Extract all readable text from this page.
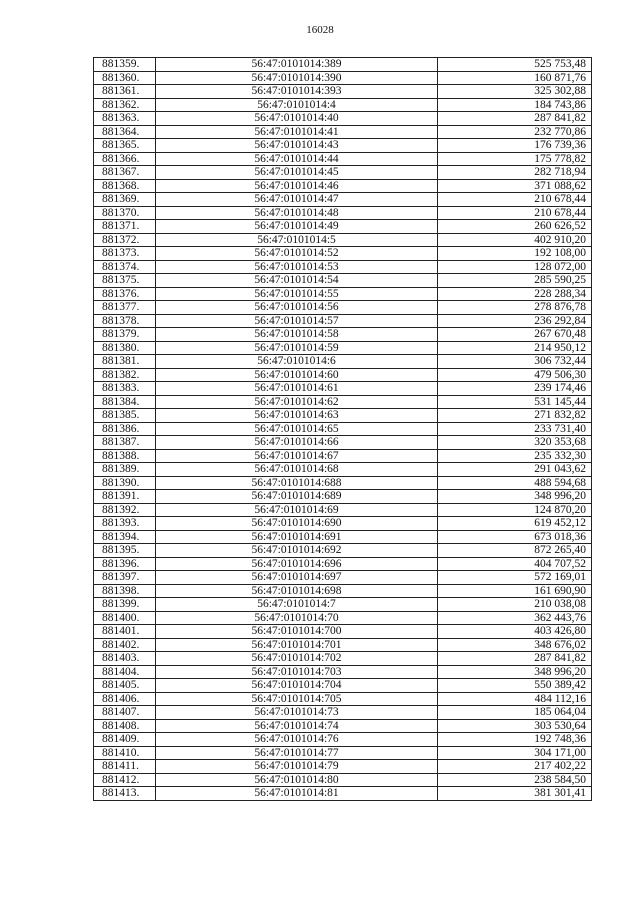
16028
881359.	56:47:0101014:389	525 753,48
881360.	56:47:0101014:390	160 871,76
881361.	56:47:0101014:393	325 302,88
881362.	56:47:0101014:4	184 743,86
881363.	56:47:0101014:40	287 841,82
881364.	56:47:0101014:41	232 770,86
881365.	56:47:0101014:43	176 739,36
881366.	56:47:0101014:44	175 778,82
881367.	56:47:0101014:45	282 718,94
881368.	56:47:0101014:46	371 088,62
881369.	56:47:0101014:47	210 678,44
881370.	56:47:0101014:48	210 678,44
881371.	56:47:0101014:49	260 626,52
881372.	56:47:0101014:5	402 910,20
881373.	56:47:0101014:52	192 108,00
881374.	56:47:0101014:53	128 072,00
881375.	56:47:0101014:54	285 590,25
881376.	56:47:0101014:55	228 288,34
881377.	56:47:0101014:56	278 876,78
881378.	56:47:0101014:57	236 292,84
881379.	56:47:0101014:58	267 670,48
881380.	56:47:0101014:59	214 950,12
881381.	56:47:0101014:6	306 732,44
881382.	56:47:0101014:60	479 506,30
881383.	56:47:0101014:61	239 174,46
881384.	56:47:0101014:62	531 145,44
881385.	56:47:0101014:63	271 832,82
881386.	56:47:0101014:65	233 731,40
881387.	56:47:0101014:66	320 353,68
881388.	56:47:0101014:67	235 332,30
881389.	56:47:0101014:68	291 043,62
881390.	56:47:0101014:688	488 594,68
881391.	56:47:0101014:689	348 996,20
881392.	56:47:0101014:69	124 870,20
881393.	56:47:0101014:690	619 452,12
881394.	56:47:0101014:691	673 018,36
881395.	56:47:0101014:692	872 265,40
881396.	56:47:0101014:696	404 707,52
881397.	56:47:0101014:697	572 169,01
881398.	56:47:0101014:698	161 690,90
881399.	56:47:0101014:7	210 038,08
881400.	56:47:0101014:70	362 443,76
881401.	56:47:0101014:700	403 426,80
881402.	56:47:0101014:701	348 676,02
881403.	56:47:0101014:702	287 841,82
881404.	56:47:0101014:703	348 996,20
881405.	56:47:0101014:704	550 389,42
881406.	56:47:0101014:705	484 112,16
881407.	56:47:0101014:73	185 064,04
881408.	56:47:0101014:74	303 530,64
881409.	56:47:0101014:76	192 748,36
881410.	56:47:0101014:77	304 171,00
881411.	56:47:0101014:79	217 402,22
881412.	56:47:0101014:80	238 584,50
881413.	56:47:0101014:81	381 301,41
